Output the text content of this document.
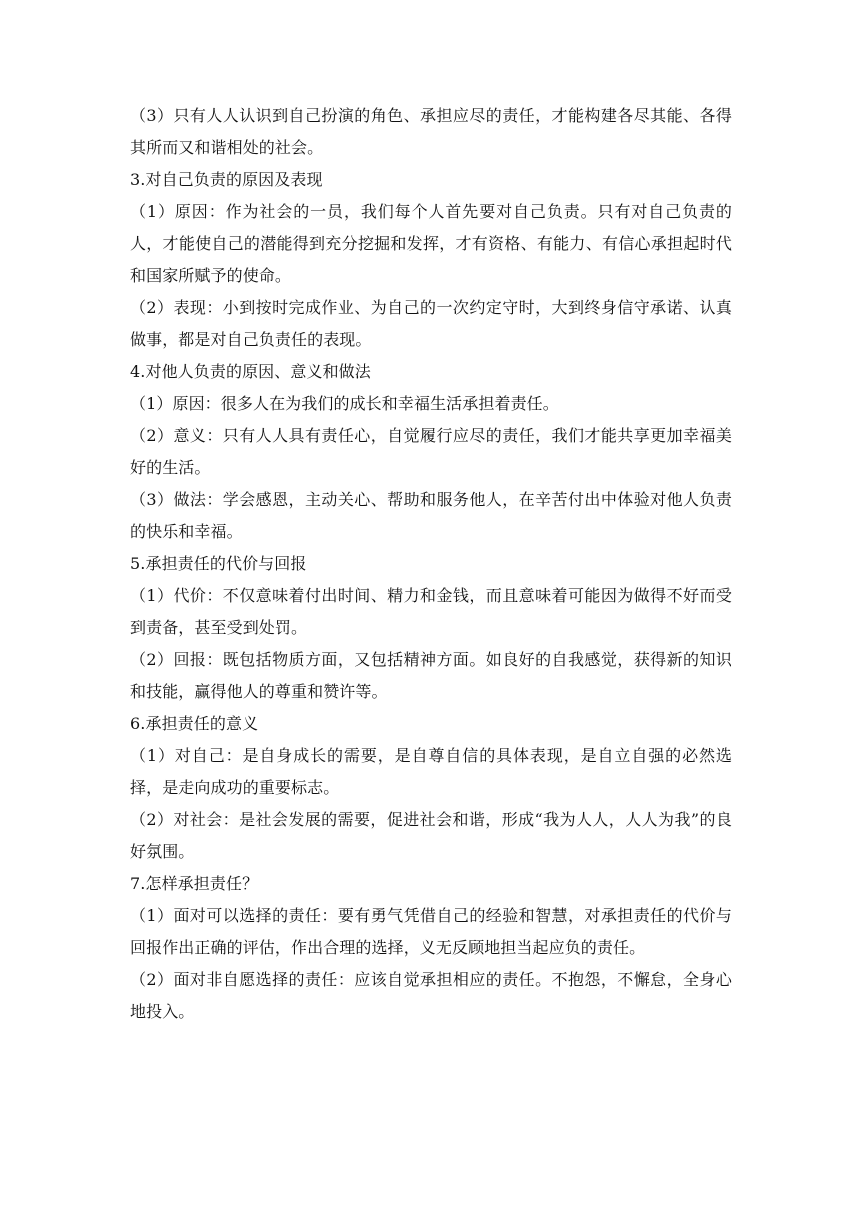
（3）只有人人认识到自己扮演的角色、承担应尽的责任，才能构建各尽其能、各得其所而又和谐相处的社会。

3.对自己负责的原因及表现

（1）原因：作为社会的一员，我们每个人首先要对自己负责。只有对自己负责的人，才能使自己的潜能得到充分挖掘和发挥，才有资格、有能力、有信心承担起时代和国家所赋予的使命。

（2）表现：小到按时完成作业、为自己的一次约定守时，大到终身信守承诺、认真做事，都是对自己负责任的表现。

4.对他人负责的原因、意义和做法

（1）原因：很多人在为我们的成长和幸福生活承担着责任。

（2）意义：只有人人具有责任心，自觉履行应尽的责任，我们才能共享更加幸福美好的生活。

（3）做法：学会感恩，主动关心、帮助和服务他人，在辛苦付出中体验对他人负责的快乐和幸福。

5.承担责任的代价与回报

（1）代价：不仅意味着付出时间、精力和金钱，而且意味着可能因为做得不好而受到责备，甚至受到处罚。

（2）回报：既包括物质方面，又包括精神方面。如良好的自我感觉，获得新的知识和技能，赢得他人的尊重和赞许等。

6.承担责任的意义

（1）对自己：是自身成长的需要，是自尊自信的具体表现，是自立自强的必然选择，是走向成功的重要标志。

（2）对社会：是社会发展的需要，促进社会和谐，形成“我为人人，人人为我”的良好氛围。

7.怎样承担责任？

（1）面对可以选择的责任：要有勇气凭借自己的经验和智慧，对承担责任的代价与回报作出正确的评估，作出合理的选择，义无反顾地担当起应负的责任。

（2）面对非自愿选择的责任：应该自觉承担相应的责任。不抱怨，不懈怠，全身心地投入。
